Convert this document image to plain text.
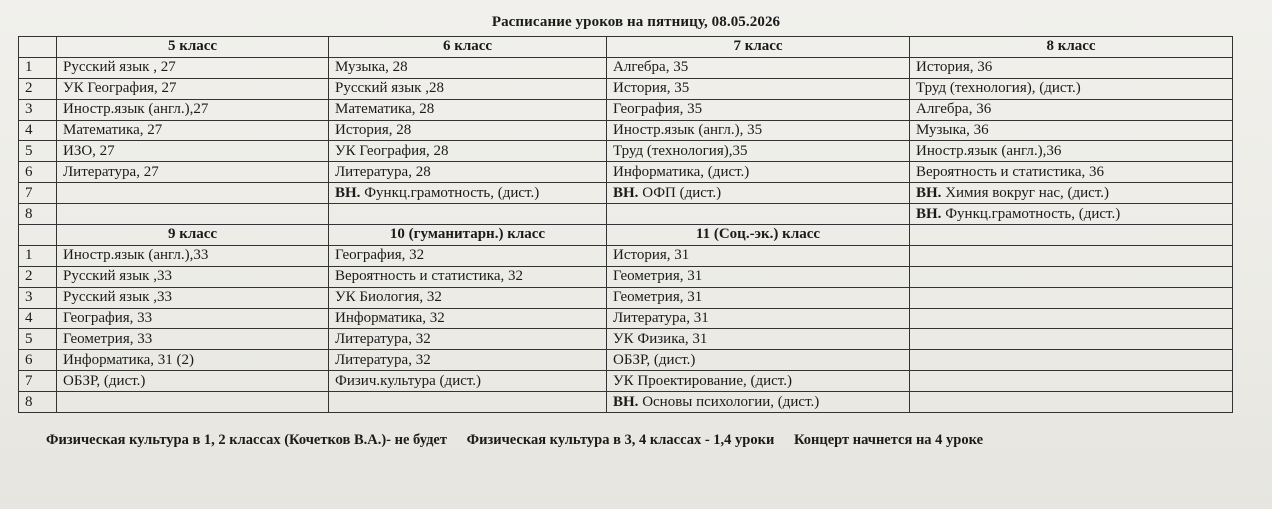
Расписание уроков на пятницу, 08.05.2026
	5 класс	6 класс	7 класс	8 класс
1	Русский язык , 27	Музыка, 28	Алгебра, 35	История, 36
2	УК География, 27	Русский язык ,28	История, 35	Труд (технология), (дист.)
3	Иностр.язык (англ.),27	Математика, 28	География, 35	Алгебра, 36
4	Математика, 27	История, 28	Иностр.язык (англ.), 35	Музыка, 36
5	ИЗО, 27	УК География, 28	Труд (технология),35	Иностр.язык (англ.),36
6	Литература, 27	Литература, 28	Информатика, (дист.)	Вероятность и статистика, 36
7		ВН. Функц.грамотность, (дист.)	ВН. ОФП (дист.)	ВН. Химия вокруг нас, (дист.)
8				ВН. Функц.грамотность, (дист.)
	9 класс	10 (гуманитарн.) класс	11 (Соц.-эк.) класс	
1	Иностр.язык (англ.),33	География, 32	История, 31	
2	Русский язык ,33	Вероятность и статистика, 32	Геометрия, 31	
3	Русский язык ,33	УК Биология, 32	Геометрия, 31	
4	География, 33	Информатика, 32	Литература, 31	
5	Геометрия, 33	Литература, 32	УК Физика, 31	
6	Информатика, 31 (2)	Литература, 32	ОБЗР, (дист.)	
7	ОБЗР, (дист.)	Физич.культура (дист.)	УК Проектирование, (дист.)	
8			ВН. Основы психологии, (дист.)	
Физическая культура в 1, 2 классах (Кочетков В.А.)- не будет Физическая культура в 3, 4 классах - 1,4 уроки Концерт начнется на 4 уроке
